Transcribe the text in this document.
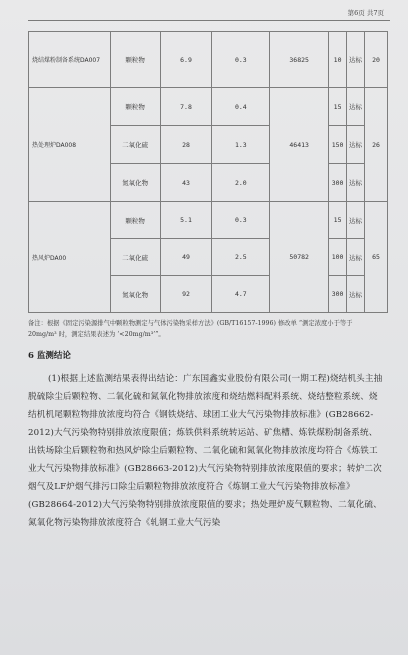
第6页 共7页
烧结煤粉制备系统DA007	颗粒物	6.9	0.3	36825	10	达标	20
热处理炉DA008	颗粒物	7.8	0.4	46413	15	达标	26
	二氧化硫	28	1.3		150	达标	
	氮氧化物	43	2.0		300	达标	
热风炉DA00	颗粒物	5.1	0.3	50782	15	达标	65
	二氧化硫	49	2.5		100	达标	
	氮氧化物	92	4.7		300	达标	
备注：根据《固定污染源排气中颗粒物测定与气体污染物采样方法》(GB/T16157-1996) 修改单 “测定浓度小于等于 20mg/m³ 时，测定结果表述为 ‘<20mg/m³’”。
6 监测结论
(1)根据上述监测结果表得出结论：广东国鑫实业股份有限公司(一期工程)烧结机头主抽脱硫除尘后颗粒物、二氧化硫和氮氧化物排放浓度和烧结燃料配料系统、烧结整粒系统、烧结机机尾颗粒物排放浓度均符合《钢铁烧结、球团工业大气污染物排放标准》(GB28662-2012)大气污染物特别排放浓度限值；炼铁供料系统转运站、矿焦槽、炼铁煤粉制备系统、出铁场除尘后颗粒物和热风炉除尘后颗粒物、二氧化硫和氮氧化物排放浓度均符合《炼铁工业大气污染物排放标准》(GB28663-2012)大气污染物特别排放浓度限值的要求；转炉二次烟气及LF炉烟气排污口除尘后颗粒物排放浓度符合《炼钢工业大气污染物排放标准》(GB28664-2012)大气污染物特别排放浓度限值的要求；热处理炉废气颗粒物、二氧化硫、氮氧化物污染物排放浓度符合《轧钢工业大气污染
